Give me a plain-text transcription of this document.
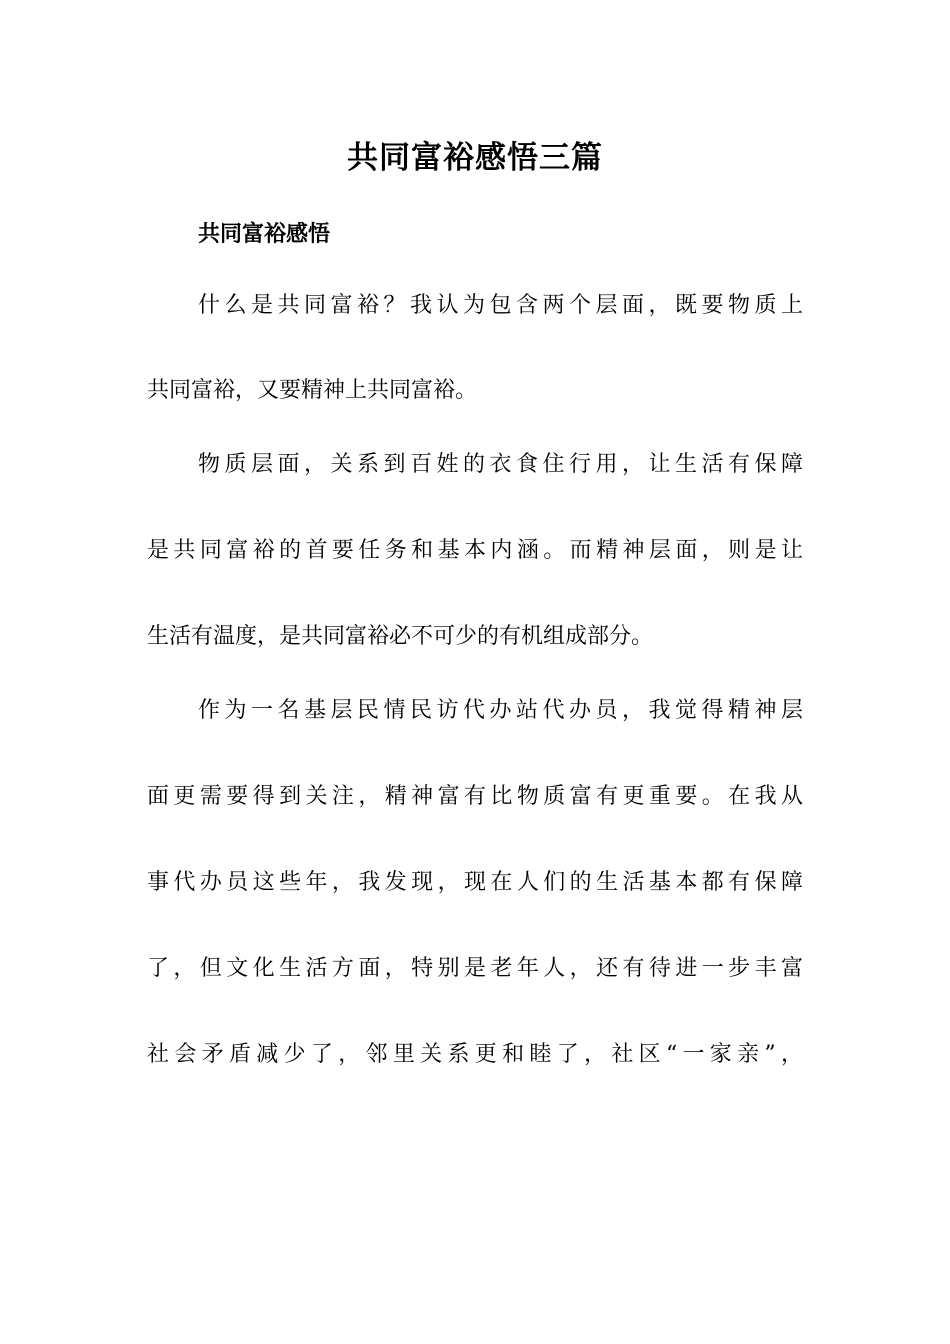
共同富裕感悟三篇
共同富裕感悟

什么是共同富裕？我认为包含两个层面，既要物质上

共同富裕，又要精神上共同富裕。

物质层面，关系到百姓的衣食住行用，让生活有保障

是共同富裕的首要任务和基本内涵。而精神层面，则是让

生活有温度，是共同富裕必不可少的有机组成部分。

作为一名基层民情民访代办站代办员，我觉得精神层

面更需要得到关注，精神富有比物质富有更重要。在我从

事代办员这些年，我发现，现在人们的生活基本都有保障

了，但文化生活方面，特别是老年人，还有待进一步丰富

社会矛盾减少了，邻里关系更和睦了，社区“一家亲”，
